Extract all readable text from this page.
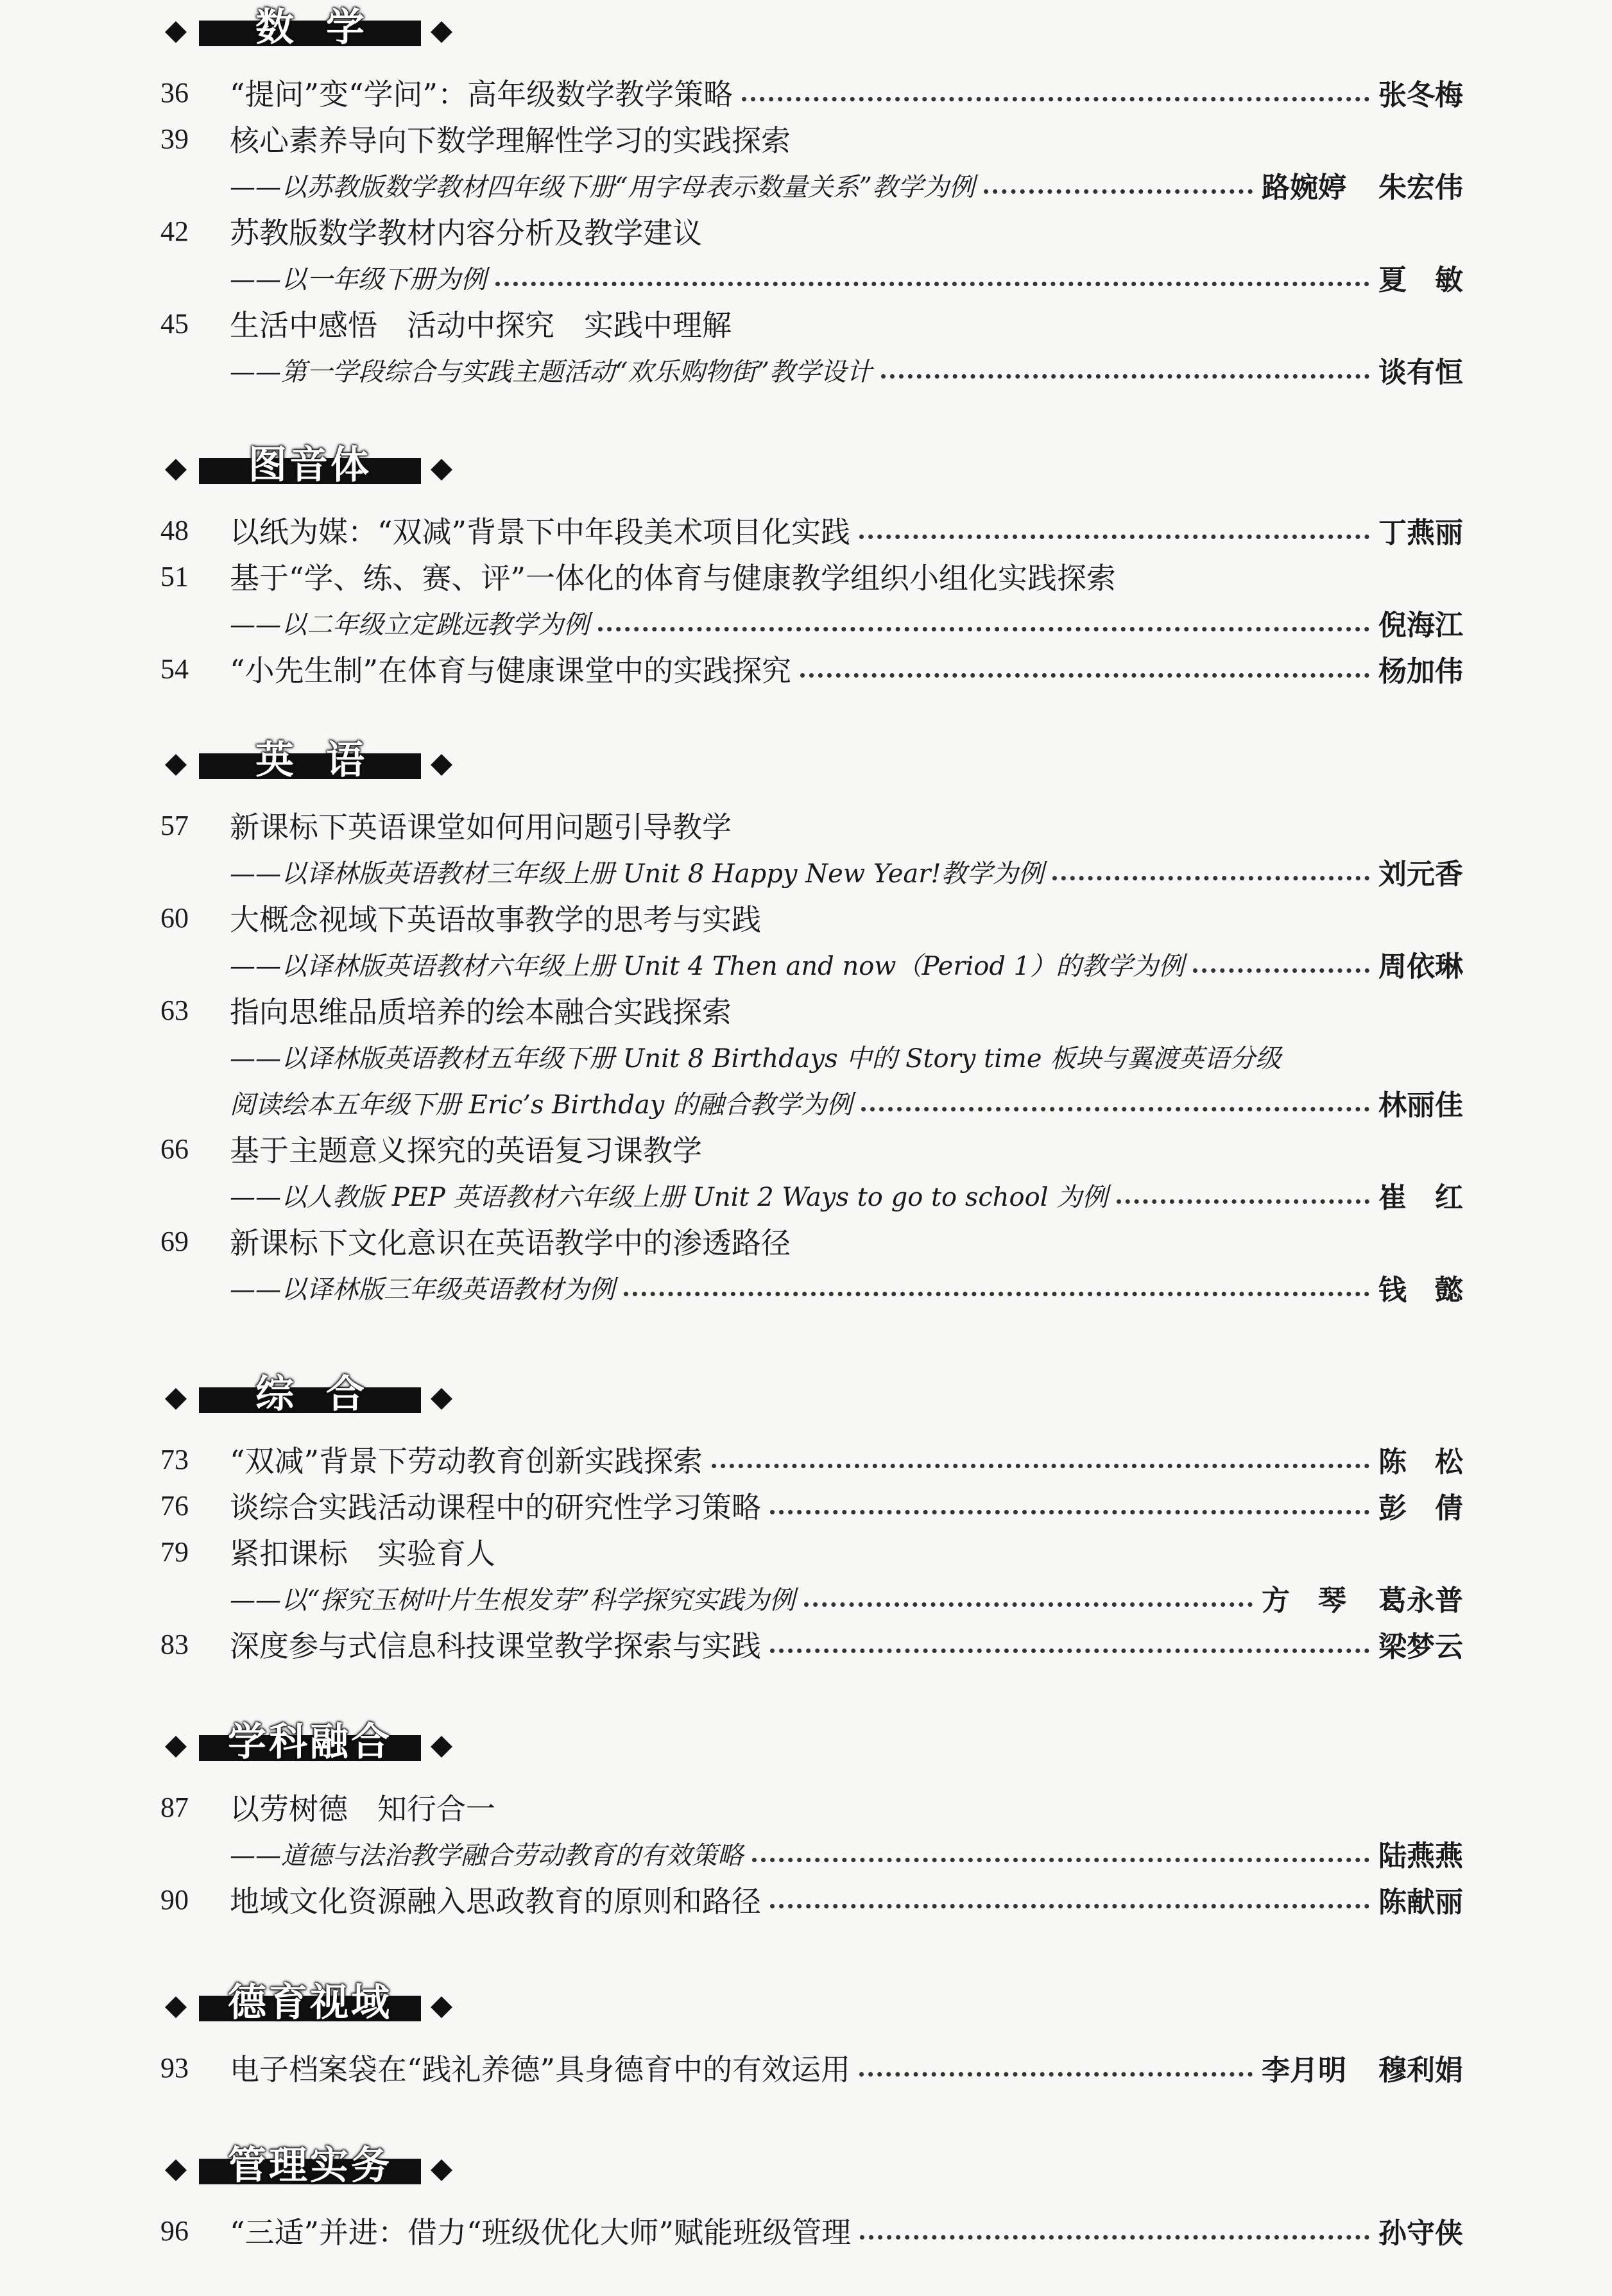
数学
36	“提问”变“学问”：高年级数学教学策略	张冬梅
39	核心素养导向下数学理解性学习的实践探索
——以苏教版数学教材四年级下册“用字母表示数量关系”教学为例	路婉婷 朱宏伟
42	苏教版数学教材内容分析及教学建议
——以一年级下册为例	夏　敏
45	生活中感悟　活动中探究　实践中理解
——第一学段综合与实践主题活动“欢乐购物街”教学设计	谈有恒
图音体
48	以纸为媒：“双减”背景下中年段美术项目化实践	丁燕丽
51	基于“学、练、赛、评”一体化的体育与健康教学组织小组化实践探索
——以二年级立定跳远教学为例	倪海江
54	“小先生制”在体育与健康课堂中的实践探究	杨加伟
英语
57	新课标下英语课堂如何用问题引导教学
——以译林版英语教材三年级上册 Unit 8 Happy New Year!教学为例	刘元香
60	大概念视域下英语故事教学的思考与实践
——以译林版英语教材六年级上册 Unit 4 Then and now（Period 1）的教学为例	周依琳
63	指向思维品质培养的绘本融合实践探索
——以译林版英语教材五年级下册 Unit 8 Birthdays 中的 Story time 板块与翼渡英语分级
阅读绘本五年级下册 Eric’s Birthday 的融合教学为例	林丽佳
66	基于主题意义探究的英语复习课教学
——以人教版 PEP 英语教材六年级上册 Unit 2 Ways to go to school 为例	崔　红
69	新课标下文化意识在英语教学中的渗透路径
——以译林版三年级英语教材为例	钱　懿
综合
73	“双减”背景下劳动教育创新实践探索	陈　松
76	谈综合实践活动课程中的研究性学习策略	彭　倩
79	紧扣课标　实验育人
——以“探究玉树叶片生根发芽”科学探究实践为例	方　琴 葛永普
83	深度参与式信息科技课堂教学探索与实践	梁梦云
学科融合
87	以劳树德　知行合一
——道德与法治教学融合劳动教育的有效策略	陆燕燕
90	地域文化资源融入思政教育的原则和路径	陈献丽
德育视域
93	电子档案袋在“践礼养德”具身德育中的有效运用	李月明 穆利娟
管理实务
96	“三适”并进：借力“班级优化大师”赋能班级管理	孙守侠
